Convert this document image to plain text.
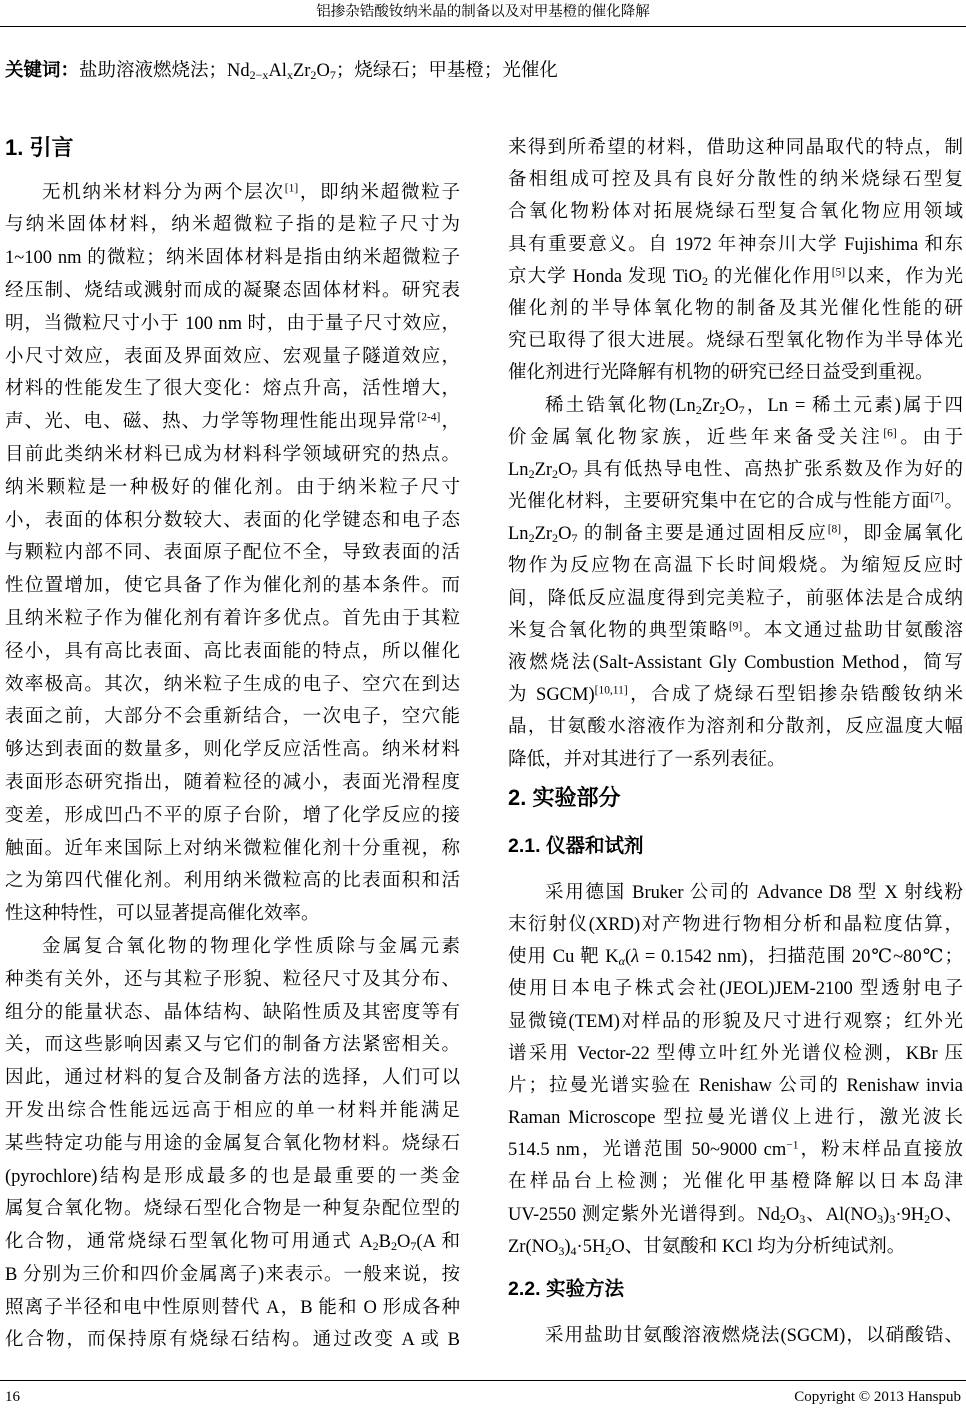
铝掺杂锆酸钕纳米晶的制备以及对甲基橙的催化降解
关键词：盐助溶液燃烧法；Nd2−xAlxZr2O7；烧绿石；甲基橙；光催化
1. 引言
无机纳米材料分为两个层次[1]，即纳米超微粒子
与纳米固体材料，纳米超微粒子指的是粒子尺寸为
1~100 nm 的微粒；纳米固体材料是指由纳米超微粒子
经压制、烧结或溅射而成的凝聚态固体材料。研究表
明，当微粒尺寸小于 100 nm 时，由于量子尺寸效应，
小尺寸效应，表面及界面效应、宏观量子隧道效应，
材料的性能发生了很大变化：熔点升高，活性增大，
声、光、电、磁、热、力学等物理性能出现异常[2-4]，
目前此类纳米材料已成为材料科学领域研究的热点。
纳米颗粒是一种极好的催化剂。由于纳米粒子尺寸
小，表面的体积分数较大、表面的化学键态和电子态
与颗粒内部不同、表面原子配位不全，导致表面的活
性位置增加，使它具备了作为催化剂的基本条件。而
且纳米粒子作为催化剂有着许多优点。首先由于其粒
径小，具有高比表面、高比表面能的特点，所以催化
效率极高。其次，纳米粒子生成的电子、空穴在到达
表面之前，大部分不会重新结合，一次电子，空穴能
够达到表面的数量多，则化学反应活性高。纳米材料
表面形态研究指出，随着粒径的减小，表面光滑程度
变差，形成凹凸不平的原子台阶，增了化学反应的接
触面。近年来国际上对纳米微粒催化剂十分重视，称
之为第四代催化剂。利用纳米微粒高的比表面积和活
性这种特性，可以显著提高催化效率。
金属复合氧化物的物理化学性质除与金属元素
种类有关外，还与其粒子形貌、粒径尺寸及其分布、
组分的能量状态、晶体结构、缺陷性质及其密度等有
关，而这些影响因素又与它们的制备方法紧密相关。
因此，通过材料的复合及制备方法的选择，人们可以
开发出综合性能远远高于相应的单一材料并能满足
某些特定功能与用途的金属复合氧化物材料。烧绿石
(pyrochlore)结构是形成最多的也是最重要的一类金
属复合氧化物。烧绿石型化合物是一种复杂配位型的
化合物，通常烧绿石型氧化物可用通式 A2B2O7(A 和
B 分别为三价和四价金属离子)来表示。一般来说，按
照离子半径和电中性原则替代 A，B 能和 O 形成各种
化合物，而保持原有烧绿石结构。通过改变 A 或 B
来得到所希望的材料，借助这种同晶取代的特点，制
备相组成可控及具有良好分散性的纳米烧绿石型复
合氧化物粉体对拓展烧绿石型复合氧化物应用领域
具有重要意义。自 1972 年神奈川大学 Fujishima 和东
京大学 Honda 发现 TiO2 的光催化作用[5]以来，作为光
催化剂的半导体氧化物的制备及其光催化性能的研
究已取得了很大进展。烧绿石型氧化物作为半导体光
催化剂进行光降解有机物的研究已经日益受到重视。
稀土锆氧化物(Ln2Zr2O7，Ln = 稀土元素)属于四
价金属氧化物家族，近些年来备受关注[6]。由于
Ln2Zr2O7 具有低热导电性、高热扩张系数及作为好的
光催化材料，主要研究集中在它的合成与性能方面[7]。
Ln2Zr2O7 的制备主要是通过固相反应[8]，即金属氧化
物作为反应物在高温下长时间煅烧。为缩短反应时
间，降低反应温度得到完美粒子，前驱体法是合成纳
米复合氧化物的典型策略[9]。本文通过盐助甘氨酸溶
液燃烧法(Salt-Assistant Gly Combustion Method，简写
为 SGCM)[10,11]，合成了烧绿石型铝掺杂锆酸钕纳米
晶，甘氨酸水溶液作为溶剂和分散剂，反应温度大幅
降低，并对其进行了一系列表征。
2. 实验部分
2.1. 仪器和试剂
采用德国 Bruker 公司的 Advance D8 型 X 射线粉
末衍射仪(XRD)对产物进行物相分析和晶粒度估算，
使用 Cu 靶 Kα(λ = 0.1542 nm)，扫描范围 20℃~80℃；
使用日本电子株式会社(JEOL)JEM-2100 型透射电子
显微镜(TEM)对样品的形貌及尺寸进行观察；红外光
谱采用 Vector-22 型傅立叶红外光谱仪检测，KBr 压
片；拉曼光谱实验在 Renishaw 公司的 Renishaw invia
Raman Microscope 型拉曼光谱仪上进行，激光波长
514.5 nm，光谱范围 50~9000 $cm^{-1}$，粉末样品直接放
在样品台上检测；光催化甲基橙降解以日本岛津
UV-2550 测定紫外光谱得到。Nd2O3、Al(NO3)3·9H2O、
Zr(NO3)4·5H2O、甘氨酸和 KCl 均为分析纯试剂。
2.2. 实验方法
采用盐助甘氨酸溶液燃烧法(SGCM)，以硝酸锆、
16	Copyright © 2013 Hanspub
